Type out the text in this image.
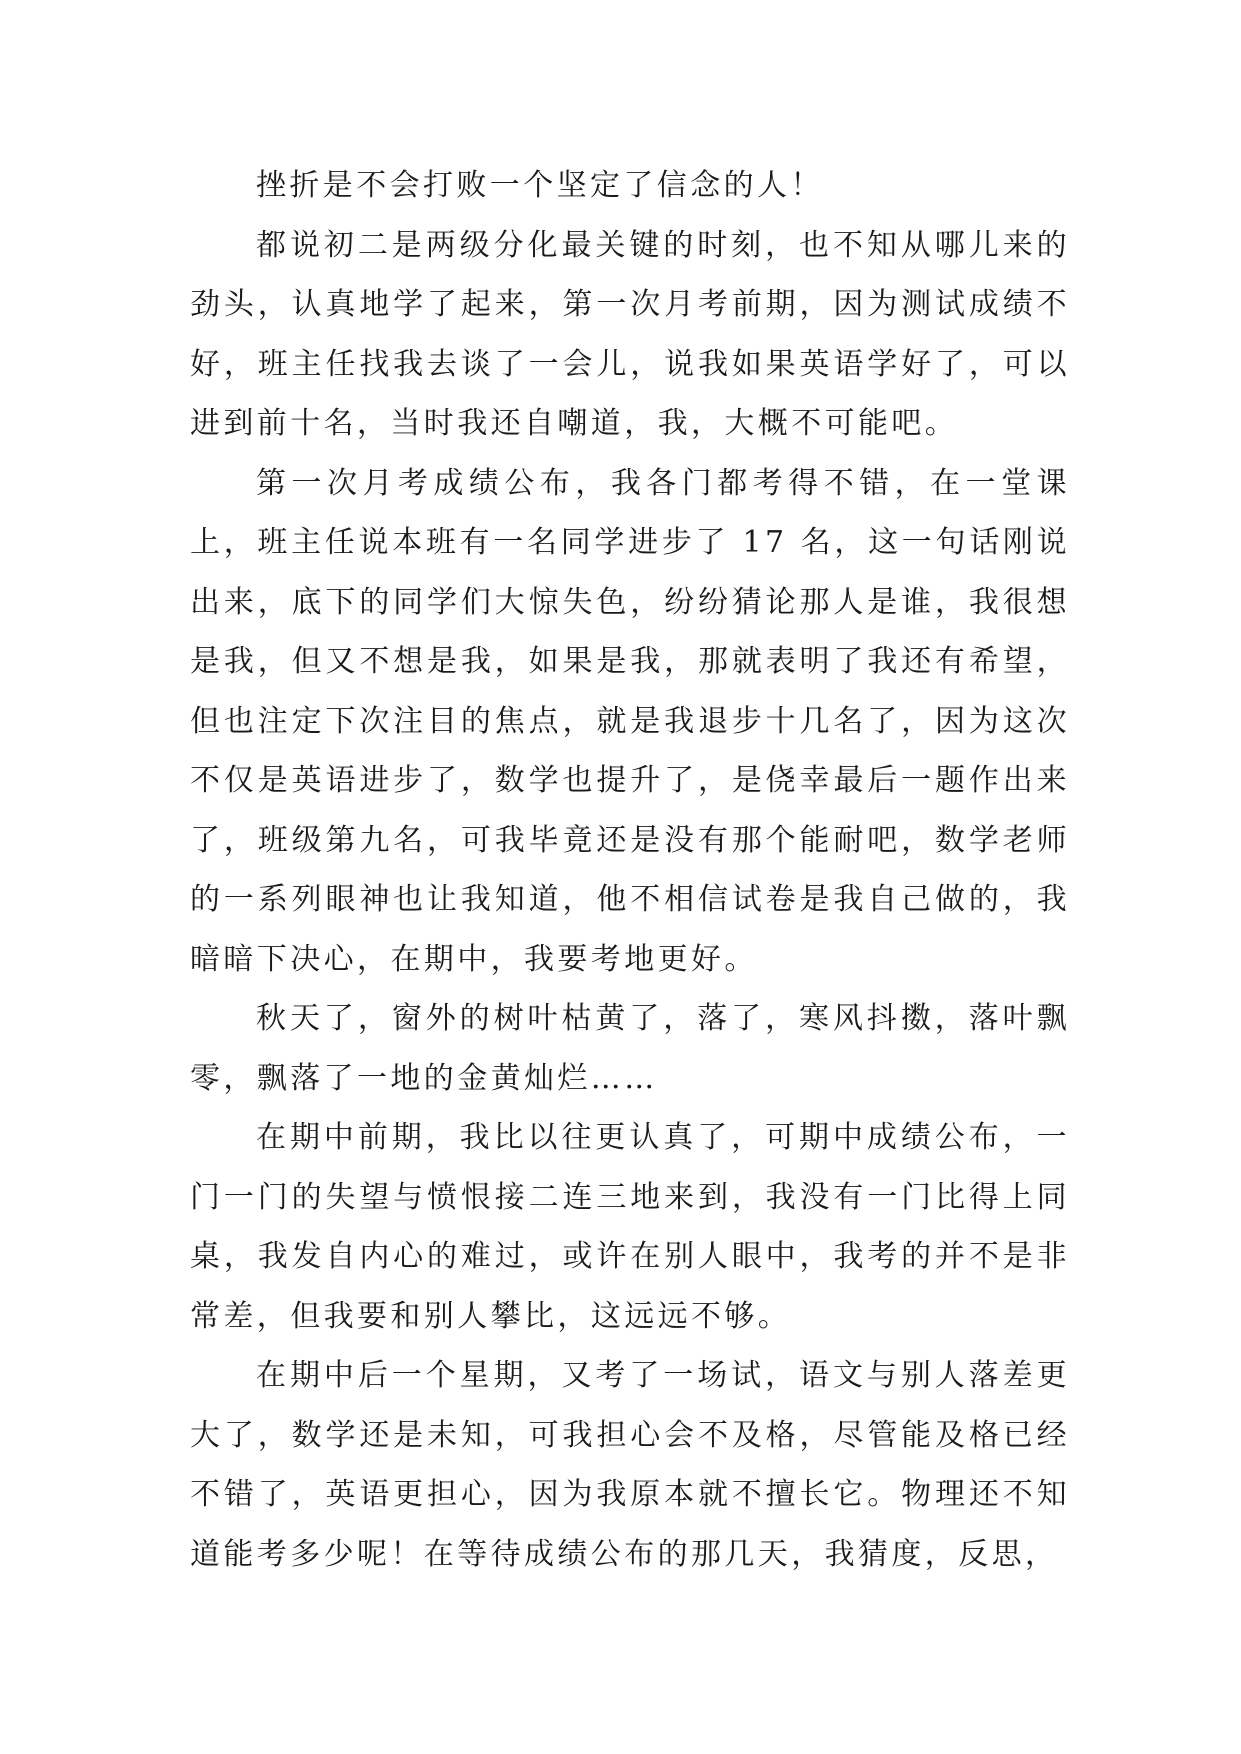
挫折是不会打败一个坚定了信念的人！

都说初二是两级分化最关键的时刻，也不知从哪儿来的劲头，认真地学了起来，第一次月考前期，因为测试成绩不好，班主任找我去谈了一会儿，说我如果英语学好了，可以进到前十名，当时我还自嘲道，我，大概不可能吧。

第一次月考成绩公布，我各门都考得不错，在一堂课上，班主任说本班有一名同学进步了 17 名，这一句话刚说出来，底下的同学们大惊失色，纷纷猜论那人是谁，我很想是我，但又不想是我，如果是我，那就表明了我还有希望，但也注定下次注目的焦点，就是我退步十几名了，因为这次不仅是英语进步了，数学也提升了，是侥幸最后一题作出来了，班级第九名，可我毕竟还是没有那个能耐吧，数学老师的一系列眼神也让我知道，他不相信试卷是我自己做的，我暗暗下决心，在期中，我要考地更好。

秋天了，窗外的树叶枯黄了，落了，寒风抖擞，落叶飘零，飘落了一地的金黄灿烂……

在期中前期，我比以往更认真了，可期中成绩公布，一门一门的失望与愤恨接二连三地来到，我没有一门比得上同桌，我发自内心的难过，或许在别人眼中，我考的并不是非常差，但我要和别人攀比，这远远不够。

在期中后一个星期，又考了一场试，语文与别人落差更大了，数学还是未知，可我担心会不及格，尽管能及格已经不错了，英语更担心，因为我原本就不擅长它。物理还不知道能考多少呢！在等待成绩公布的那几天，我猜度，反思，
